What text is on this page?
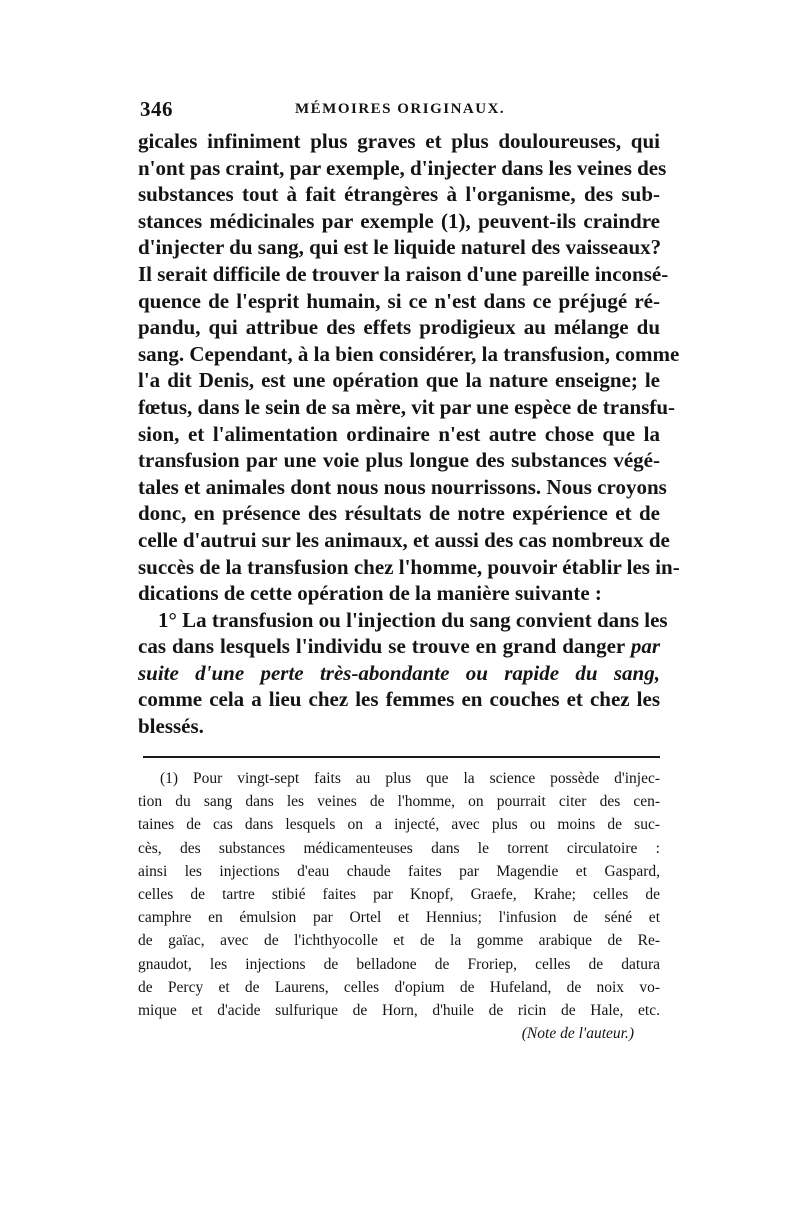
346	MÉMOIRES ORIGINAUX.
gicales infiniment plus graves et plus douloureuses, qui
n'ont pas craint, par exemple, d'injecter dans les veines des
substances tout à fait étrangères à l'organisme, des sub-
stances médicinales par exemple (1), peuvent-ils craindre
d'injecter du sang, qui est le liquide naturel des vaisseaux?
Il serait difficile de trouver la raison d'une pareille inconsé-
quence de l'esprit humain, si ce n'est dans ce préjugé ré-
pandu, qui attribue des effets prodigieux au mélange du
sang. Cependant, à la bien considérer, la transfusion, comme
l'a dit Denis, est une opération que la nature enseigne; le
fœtus, dans le sein de sa mère, vit par une espèce de transfu-
sion, et l'alimentation ordinaire n'est autre chose que la
transfusion par une voie plus longue des substances végé-
tales et animales dont nous nous nourrissons. Nous croyons
donc, en présence des résultats de notre expérience et de
celle d'autrui sur les animaux, et aussi des cas nombreux de
succès de la transfusion chez l'homme, pouvoir établir les in-
dications de cette opération de la manière suivante :
1° La transfusion ou l'injection du sang convient dans les
cas dans lesquels l'individu se trouve en grand danger par
suite d'une perte très-abondante ou rapide du sang,
comme cela a lieu chez les femmes en couches et chez les
blessés.
(1) Pour vingt-sept faits au plus que la science possède d'injec-
tion du sang dans les veines de l'homme, on pourrait citer des cen-
taines de cas dans lesquels on a injecté, avec plus ou moins de suc-
cès, des substances médicamenteuses dans le torrent circulatoire :
ainsi les injections d'eau chaude faites par Magendie et Gaspard,
celles de tartre stibié faites par Knopf, Graefe, Krahe; celles de
camphre en émulsion par Ortel et Hennius; l'infusion de séné et
de gaïac, avec de l'ichthyocolle et de la gomme arabique de Re-
gnaudot, les injections de belladone de Froriep, celles de datura
de Percy et de Laurens, celles d'opium de Hufeland, de noix vo-
mique et d'acide sulfurique de Horn, d'huile de ricin de Hale, etc.
(Note de l'auteur.)
